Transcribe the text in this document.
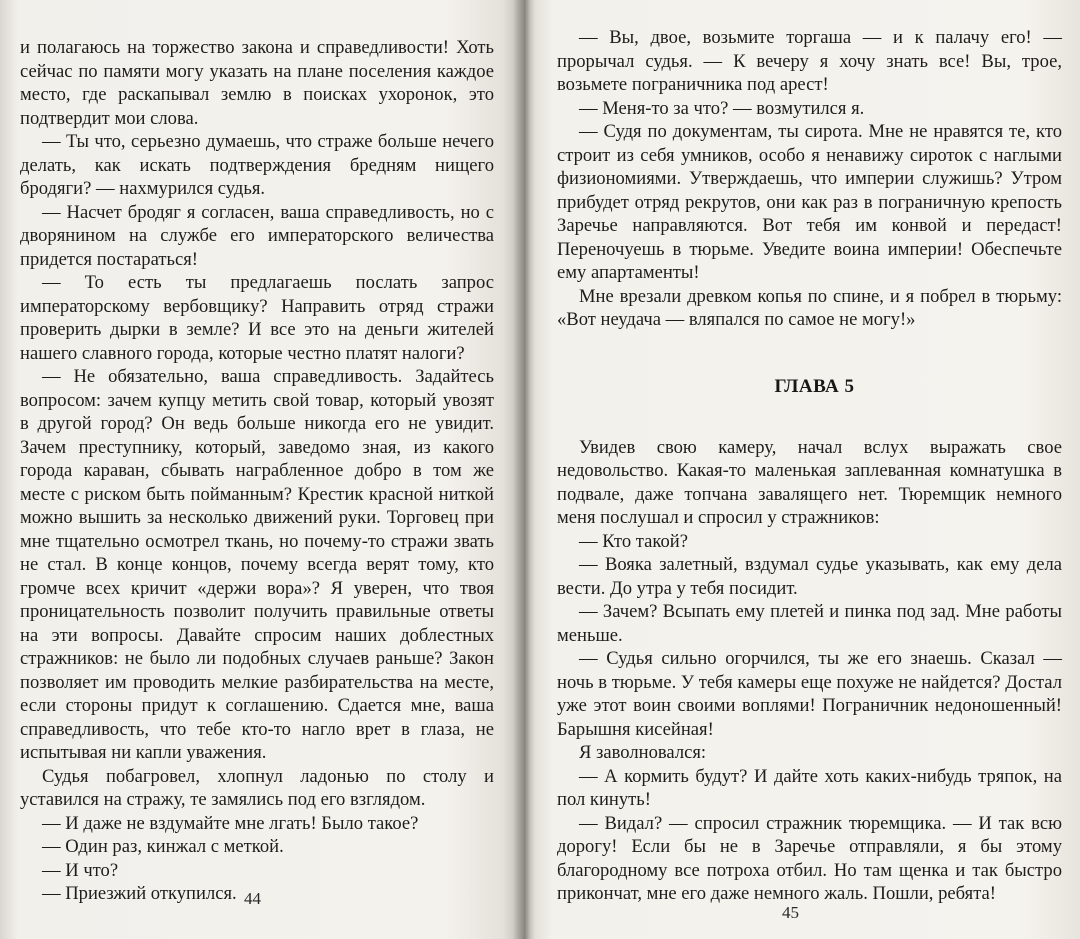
и полагаюсь на торжество закона и справедливости! Хоть сейчас по памяти могу указать на плане поселения каждое место, где раскапывал землю в поисках ухоронок, это подтвердит мои слова.

— Ты что, серьезно думаешь, что страже больше нечего делать, как искать подтверждения бредням нищего бродяги? — нахмурился судья.

— Насчет бродяг я согласен, ваша справедливость, но с дворянином на службе его императорского величества придется постараться!

— То есть ты предлагаешь послать запрос императорскому вербовщику? Направить отряд стражи проверить дырки в земле? И все это на деньги жителей нашего славного города, которые честно платят налоги?

— Не обязательно, ваша справедливость. Задайтесь вопросом: зачем купцу метить свой товар, который увозят в другой город? Он ведь больше никогда его не увидит. Зачем преступнику, который, заведомо зная, из какого города караван, сбывать награбленное добро в том же месте с риском быть пойманным? Крестик красной ниткой можно вышить за несколько движений руки. Торговец при мне тщательно осмотрел ткань, но почему-то стражи звать не стал. В конце концов, почему всегда верят тому, кто громче всех кричит «держи вора»? Я уверен, что твоя проницательность позволит получить правильные ответы на эти вопросы. Давайте спросим наших доблестных стражников: не было ли подобных случаев раньше? Закон позволяет им проводить мелкие разбирательства на месте, если стороны придут к соглашению. Сдается мне, ваша справедливость, что тебе кто-то нагло врет в глаза, не испытывая ни капли уважения.

Судья побагровел, хлопнул ладонью по столу и уставился на стражу, те замялись под его взглядом.

— И даже не вздумайте мне лгать! Было такое?

— Один раз, кинжал с меткой.

— И что?

— Приезжий откупился. 44

— Вы, двое, возьмите торгаша — и к палачу его! — прорычал судья. — К вечеру я хочу знать все! Вы, трое, возьмете пограничника под арест!

— Меня-то за что? — возмутился я.

— Судя по документам, ты сирота. Мне не нравятся те, кто строит из себя умников, особо я ненавижу сироток с наглыми физиономиями. Утверждаешь, что империи служишь? Утром прибудет отряд рекрутов, они как раз в пограничную крепость Заречье направляются. Вот тебя им конвой и передаст! Переночуешь в тюрьме. Уведите воина империи! Обеспечьте ему апартаменты!

Мне врезали древком копья по спине, и я побрел в тюрьму: «Вот неудача — вляпался по самое не могу!»

ГЛАВА 5

Увидев свою камеру, начал вслух выражать свое недовольство. Какая-то маленькая заплеванная комнатушка в подвале, даже топчана завалящего нет. Тюремщик немного меня послушал и спросил у стражников:

— Кто такой?

— Вояка залетный, вздумал судье указывать, как ему дела вести. До утра у тебя посидит.

— Зачем? Всыпать ему плетей и пинка под зад. Мне работы меньше.

— Судья сильно огорчился, ты же его знаешь. Сказал — ночь в тюрьме. У тебя камеры еще похуже не найдется? Достал уже этот воин своими воплями! Пограничник недоношенный! Барышня кисейная!

Я заволновался:

— А кормить будут? И дайте хоть каких-нибудь тряпок, на пол кинуть!

— Видал? — спросил стражник тюремщика. — И так всю дорогу! Если бы не в Заречье отправляли, я бы этому благородному все потроха отбил. Но там щенка и так быстро прикончат, мне его даже немного жаль. Пошли, ребята!

45
